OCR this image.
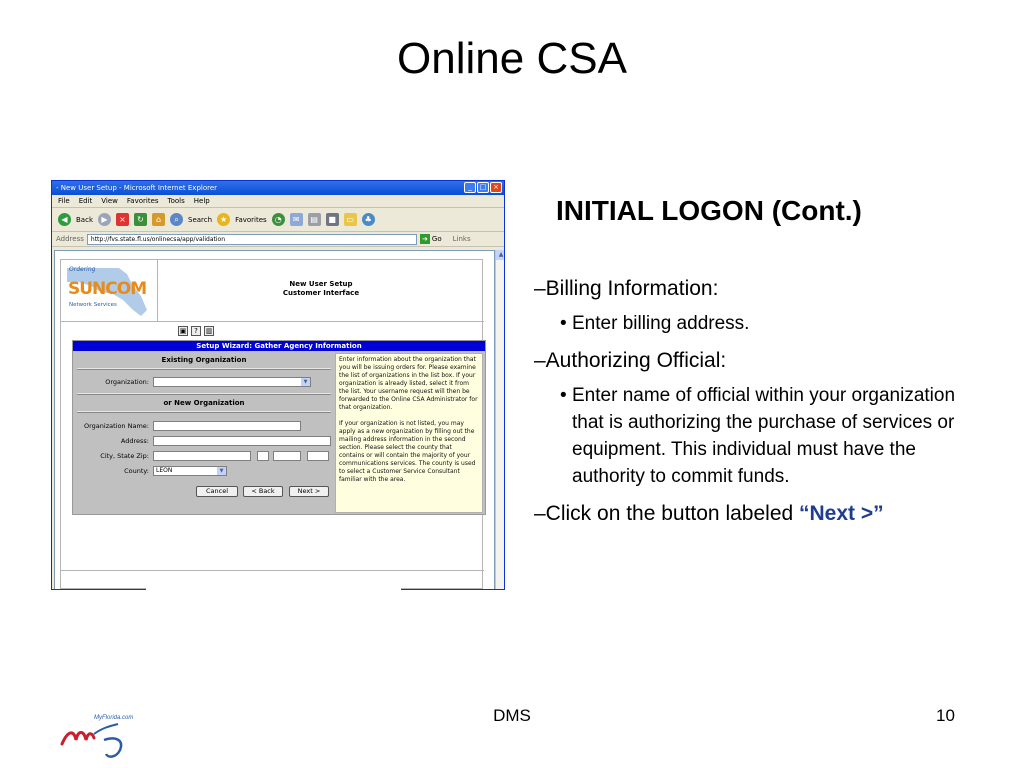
Online CSA
- New User Setup - Microsoft Internet Explorer	_	□ ×
File Edit View Favorites Tools Help
◀	Back	▶	×	↻	⌂	⌕	Search ★	Favorites	◔	✉	▤	■	▭	♣
Address	http://fvs.state.fl.us/onlinecsa/app/validation	➔ Go Links
Ordering
SUNCOM
Network Services
New User Setup
Customer Interface
▣	?	▥
Setup Wizard: Gather Agency Information
Existing Organization
Organization:	▼
or New Organization
Organization Name:
Address:
City, State Zip:
County:	LEON	▼
Cancel	< Back	Next >

Enter information about the organization that you will be issuing orders for. Please examine the list of organizations in the list box. If your organization is already listed, select it from the list. Your username request will then be forwarded to the Online CSA Administrator for that organization.

If your organization is not listed, you may apply as a new organization by filling out the mailing address information in the second section. Please select the county that contains or will contain the majority of your communications services. The county is used to select a Customer Service Consultant familiar with the area.

▲
INITIAL LOGON (Cont.)
–Billing Information:
• Enter billing address.
–Authorizing Official:
• Enter name of official within your organization that is authorizing the purchase of services or equipment. This individual must have the authority to commit funds.
–Click on the button labeled “Next >”
MyFlorida.com	DMS	10
